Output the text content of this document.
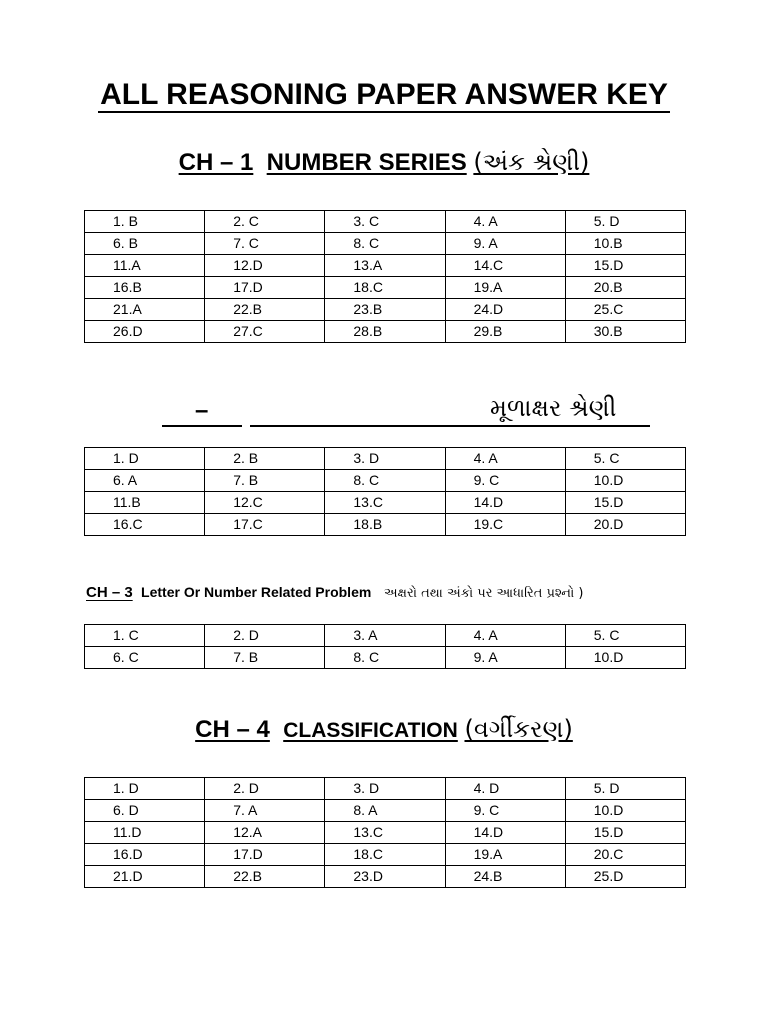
ALL REASONING PAPER ANSWER KEY
CH – 1 NUMBER SERIES (અંક શ્રેણી)
1. B	2. C	3. C	4. A	5. D
6. B	7. C	8. C	9. A	10.B
11.A	12.D	13.A	14.C	15.D
16.B	17.D	18.C	19.A	20.B
21.A	22.B	23.B	24.D	25.C
26.D	27.C	28.B	29.B	30.B
–	મૂળાક્ષર શ્રેણી
1. D	2. B	3. D	4. A	5. C
6. A	7. B	8. C	9. C	10.D
11.B	12.C	13.C	14.D	15.D
16.C	17.C	18.B	19.C	20.D
CH – 3 Letter Or Number Related Problem અક્ષરો તથા અંકો પર આધારિત પ્રશ્નો )
1. C	2. D	3. A	4. A	5. C
6. C	7. B	8. C	9. A	10.D
CH – 4 CLASSIFICATION (વર્ગીકરણ)
1. D	2. D	3. D	4. D	5. D
6. D	7. A	8. A	9. C	10.D
11.D	12.A	13.C	14.D	15.D
16.D	17.D	18.C	19.A	20.C
21.D	22.B	23.D	24.B	25.D
